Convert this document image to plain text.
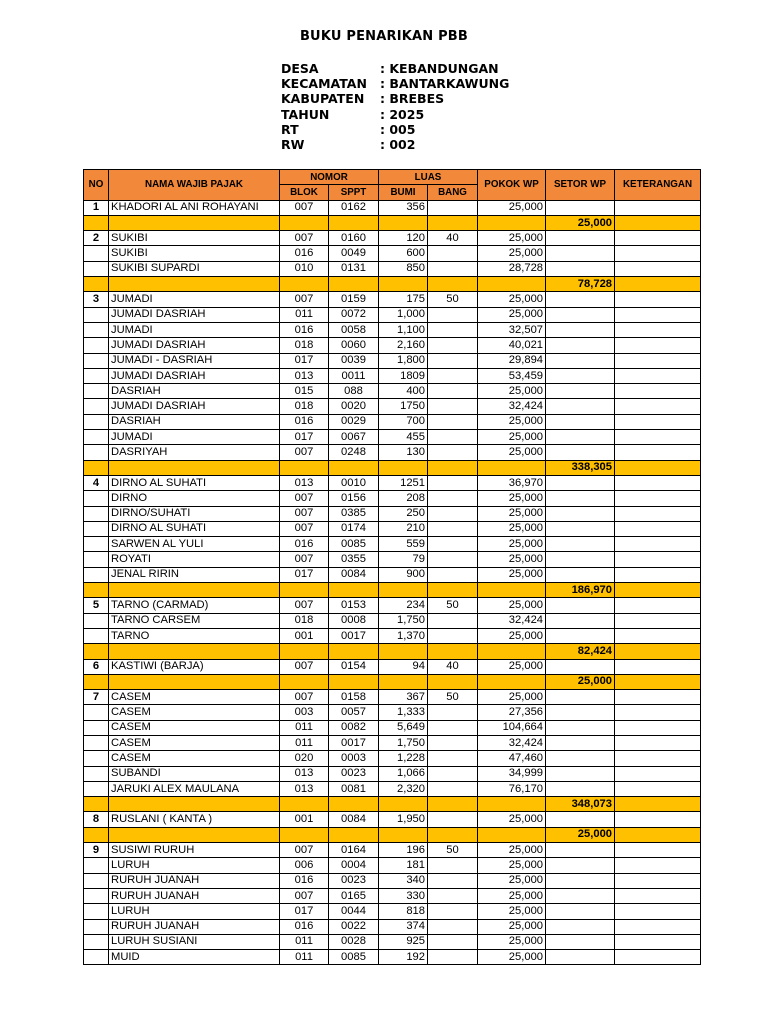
BUKU PENARIKAN PBB
DESA	: KEBANDUNGAN
KECAMATAN : BANTARKAWUNG
KABUPATEN : BREBES
TAHUN	: 2025
RT	: 005
RW	: 002
NO	NAMA WAJIB PAJAK	NOMOR		LUAS		POKOK WP	SETOR WP	KETERANGAN
		BLOK	SPPT	BUMI	BANG			
1	KHADORI AL ANI ROHAYANI	007	0162	356		25,000		
							25,000	
2	SUKIBI	007	0160	120	40	25,000		
	SUKIBI	016	0049	600		25,000		
	SUKIBI SUPARDI	010	0131	850		28,728		
							78,728	
3	JUMADI	007	0159	175	50	25,000		
	JUMADI DASRIAH	011	0072	1,000		25,000		
	JUMADI	016	0058	1,100		32,507		
	JUMADI DASRIAH	018	0060	2,160		40,021		
	JUMADI - DASRIAH	017	0039	1,800		29,894		
	JUMADI DASRIAH	013	0011	1809		53,459		
	DASRIAH	015	088	400		25,000		
	JUMADI DASRIAH	018	0020	1750		32,424		
	DASRIAH	016	0029	700		25,000		
	JUMADI	017	0067	455		25,000		
	DASRIYAH	007	0248	130		25,000		
							338,305	
4	DIRNO AL SUHATI	013	0010	1251		36,970		
	DIRNO	007	0156	208		25,000		
	DIRNO/SUHATI	007	0385	250		25,000		
	DIRNO AL SUHATI	007	0174	210		25,000		
	SARWEN AL YULI	016	0085	559		25,000		
	ROYATI	007	0355	79		25,000		
	JENAL RIRIN	017	0084	900		25,000		
							186,970	
5	TARNO (CARMAD)	007	0153	234	50	25,000		
	TARNO CARSEM	018	0008	1,750		32,424		
	TARNO	001	0017	1,370		25,000		
							82,424	
6	KASTIWI (BARJA)	007	0154	94	40	25,000		
							25,000	
7	CASEM	007	0158	367	50	25,000		
	CASEM	003	0057	1,333		27,356		
	CASEM	011	0082	5,649		104,664		
	CASEM	011	0017	1,750		32,424		
	CASEM	020	0003	1,228		47,460		
	SUBANDI	013	0023	1,066		34,999		
	JARUKI ALEX MAULANA	013	0081	2,320		76,170		
							348,073	
8	RUSLANI ( KANTA )	001	0084	1,950		25,000		
							25,000	
9	SUSIWI RURUH	007	0164	196	50	25,000		
	LURUH	006	0004	181		25,000		
	RURUH JUANAH	016	0023	340		25,000		
	RURUH JUANAH	007	0165	330		25,000		
	LURUH	017	0044	818		25,000		
	RURUH JUANAH	016	0022	374		25,000		
	LURUH SUSIANI	011	0028	925		25,000		
	MUID	011	0085	192		25,000		
